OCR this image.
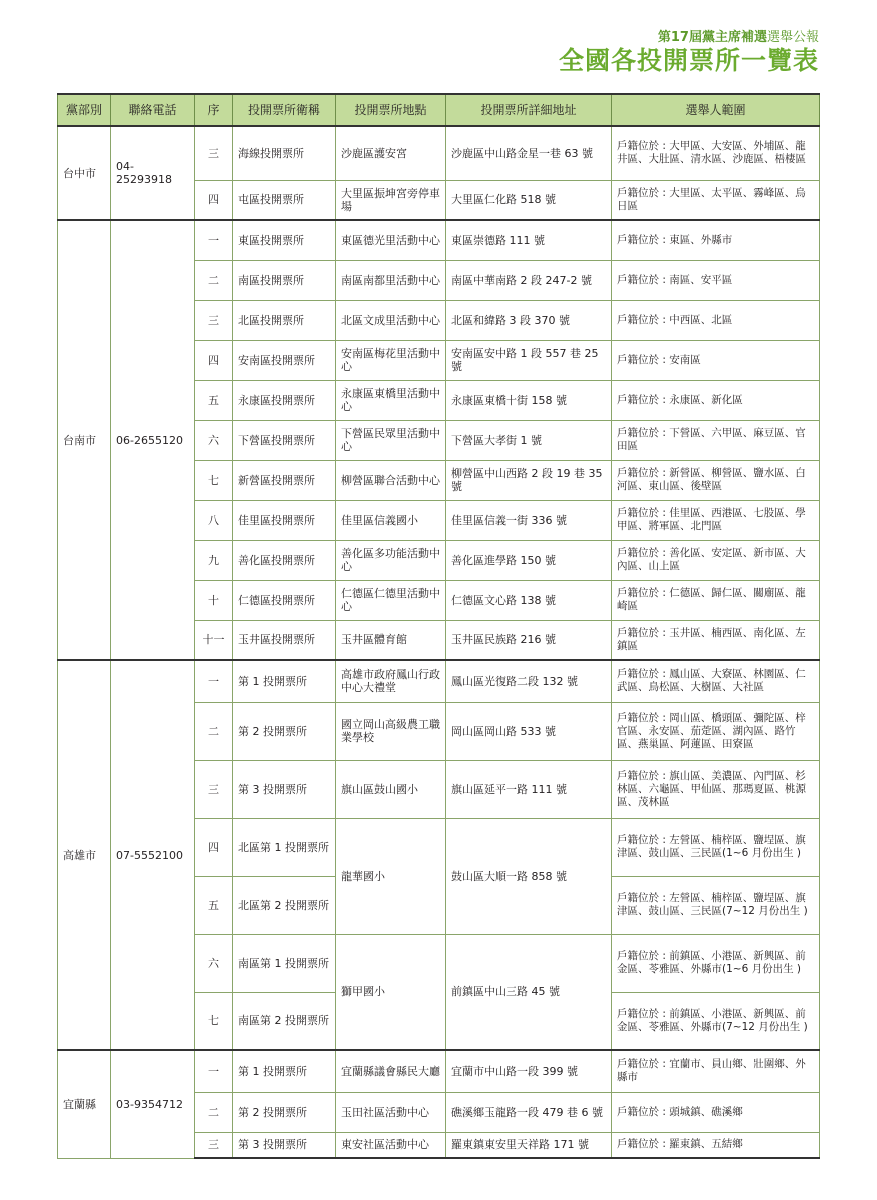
第17屆黨主席補選選舉公報
全國各投開票所一覽表
黨部別	聯絡電話	序	投開票所衛稱	投開票所地點	投開票所詳細地址	選舉人範圍
台中市	04-25293918	三	海線投開票所	沙鹿區護安宮	沙鹿區中山路金星一巷 63 號	戶籍位於 : 大甲區、大安區、外埔區、龍井區、大肚區、清水區、沙鹿區、梧棲區
		四	屯區投開票所	大里區振坤宮旁停車場	大里區仁化路 518 號	戶籍位於 : 大里區、太平區、霧峰區、烏日區
台南市	06-2655120	一	東區投開票所	東區德光里活動中心	東區崇德路 111 號	戶籍位於 : 東區、外縣市
		二	南區投開票所	南區南都里活動中心	南區中華南路 2 段 247-2 號	戶籍位於 : 南區、安平區
		三	北區投開票所	北區文成里活動中心	北區和緯路 3 段 370 號	戶籍位於 : 中西區、北區
		四	安南區投開票所	安南區梅花里活動中心	安南區安中路 1 段 557 巷 25 號	戶籍位於 : 安南區
		五	永康區投開票所	永康區東橋里活動中心	永康區東橋十街 158 號	戶籍位於 : 永康區、新化區
		六	下營區投開票所	下營區民眾里活動中心	下營區大孝街 1 號	戶籍位於 : 下營區、六甲區、麻豆區、官田區
		七	新營區投開票所	柳營區聯合活動中心	柳營區中山西路 2 段 19 巷 35 號	戶籍位於 : 新營區、柳營區、鹽水區、白河區、東山區、後壁區
		八	佳里區投開票所	佳里區信義國小	佳里區信義一街 336 號	戶籍位於 : 佳里區、西港區、七股區、學甲區、將軍區、北門區
		九	善化區投開票所	善化區多功能活動中心	善化區進學路 150 號	戶籍位於 : 善化區、安定區、新市區、大內區、山上區
		十	仁德區投開票所	仁德區仁德里活動中心	仁德區文心路 138 號	戶籍位於 : 仁德區、歸仁區、關廟區、龍崎區
		十一	玉井區投開票所	玉井區體育館	玉井區民族路 216 號	戶籍位於 : 玉井區、楠西區、南化區、左鎮區
高雄市	07-5552100	一	第 1 投開票所	高雄市政府鳳山行政中心大禮堂	鳳山區光復路二段 132 號	戶籍位於 : 鳳山區、大寮區、林園區、仁武區、鳥松區、大樹區、大社區
		二	第 2 投開票所	國立岡山高級農工職業學校	岡山區岡山路 533 號	戶籍位於 : 岡山區、橋頭區、彌陀區、梓官區、永安區、茄萣區、湖內區、路竹區、燕巢區、阿蓮區、田寮區
		三	第 3 投開票所	旗山區鼓山國小	旗山區延平一路 111 號	戶籍位於 : 旗山區、美濃區、內門區、杉林區、六龜區、甲仙區、那瑪夏區、桃源區、茂林區
		四	北區第 1 投開票所	龍華國小	鼓山區大順一路 858 號	戶籍位於 : 左營區、楠梓區、鹽埕區、旗津區、鼓山區、三民區(1~6 月份出生 )
		五	北區第 2 投開票所			戶籍位於 : 左營區、楠梓區、鹽埕區、旗津區、鼓山區、三民區(7~12 月份出生 )
		六	南區第 1 投開票所	獅甲國小	前鎮區中山三路 45 號	戶籍位於 : 前鎮區、小港區、新興區、前金區、苓雅區、外縣市(1~6 月份出生 )
		七	南區第 2 投開票所			戶籍位於 : 前鎮區、小港區、新興區、前金區、苓雅區、外縣市(7~12 月份出生 )
宜蘭縣	03-9354712	一	第 1 投開票所	宜蘭縣議會縣民大廳	宜蘭市中山路一段 399 號	戶籍位於 : 宜蘭市、員山鄉、壯圍鄉、外縣市
		二	第 2 投開票所	玉田社區活動中心	礁溪鄉玉龍路一段 479 巷 6 號	戶籍位於 : 頭城鎮、礁溪鄉
		三	第 3 投開票所	東安社區活動中心	羅東鎮東安里天祥路 171 號	戶籍位於 : 羅東鎮、五結鄉
